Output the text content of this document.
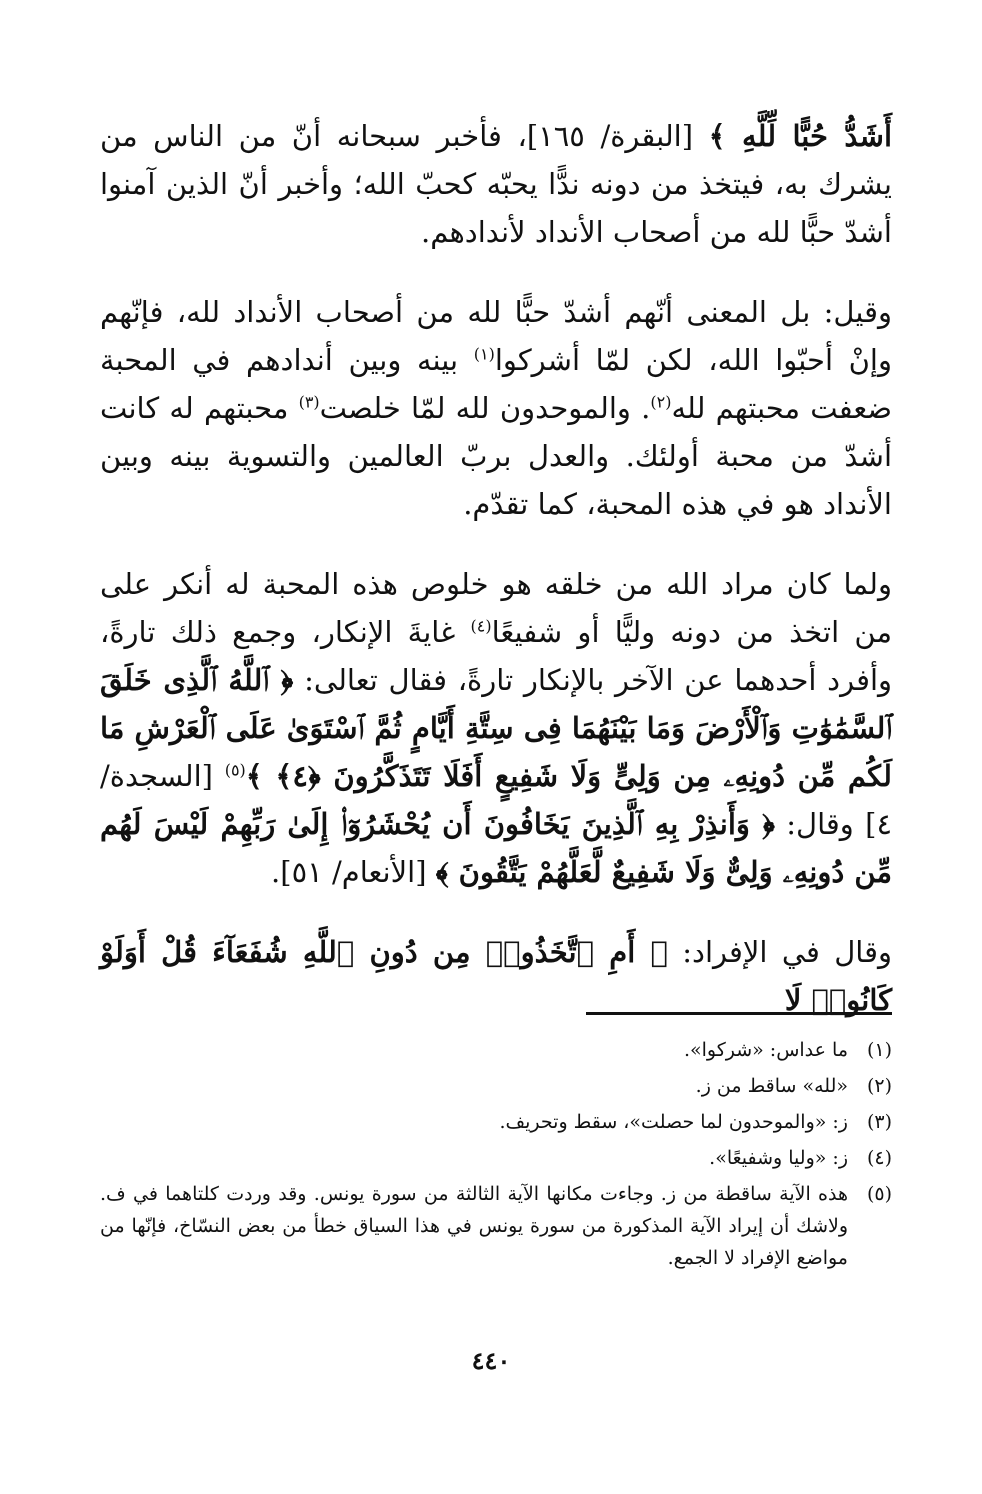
أَشَدُّ حُبًّا لِّلَّهِ ﴾ [البقرة/ ١٦٥]، فأخبر سبحانه أنّ من الناس من يشرك به، فيتخذ من دونه ندًّا يحبّه كحبّ الله؛ وأخبر أنّ الذين آمنوا أشدّ حبًّا لله من أصحاب الأنداد لأندادهم.

وقيل: بل المعنى أنّهم أشدّ حبًّا لله من أصحاب الأنداد لله، فإنّهم وإنْ أحبّوا الله، لكن لمّا أشركوا$^{(١)}$ بينه وبين أندادهم في المحبة ضعفت محبتهم لله$^{(٢)}$. والموحدون لله لمّا خلصت$^{(٣)}$ محبتهم له كانت أشدّ من محبة أولئك. والعدل بربّ العالمين والتسوية بينه وبين الأنداد هو في هذه المحبة، كما تقدّم.

ولما كان مراد الله من خلقه هو خلوص هذه المحبة له أنكر على من اتخذ من دونه وليًّا أو شفيعًا$^{(٤)}$ غايةَ الإنكار، وجمع ذلك تارةً، وأفرد أحدهما عن الآخر بالإنكار تارةً، فقال تعالى: ﴿ ٱللَّهُ ٱلَّذِى خَلَقَ ٱلسَّمَٰوَٰتِ وَٱلْأَرْضَ وَمَا بَيْنَهُمَا فِى سِتَّةِ أَيَّامٍ ثُمَّ ٱسْتَوَىٰ عَلَى ٱلْعَرْشِ مَا لَكُم مِّن دُونِهِۦ مِن وَلِىٍّ وَلَا شَفِيعٍ أَفَلَا تَتَذَكَّرُونَ ﴿٤﴾ ﴾$^{(٥)}$ [السجدة/ ٤] وقال: ﴿ وَأَنذِرْ بِهِ ٱلَّذِينَ يَخَافُونَ أَن يُحْشَرُوٓا۟ إِلَىٰ رَبِّهِمْ لَيْسَ لَهُم مِّن دُونِهِۦ وَلِىٌّ وَلَا شَفِيعٌ لَّعَلَّهُمْ يَتَّقُونَ ﴾ [الأنعام/ ٥١].

وقال في الإفراد: ﴿ أَمِ ٱتَّخَذُوا۟ مِن دُونِ ٱللَّهِ شُفَعَآءَ قُلْ أَوَلَوْ كَانُوا۟ لَا

(١)
ما عداس: «شركوا».
(٢)
«لله» ساقط من ز.
(٣)
ز: «والموحدون لما حصلت»، سقط وتحريف.
(٤)
ز: «وليا وشفيعًا».
(٥)
هذه الآية ساقطة من ز. وجاءت مكانها الآية الثالثة من سورة يونس. وقد وردت كلتاهما في ف. ولاشك أن إيراد الآية المذكورة من سورة يونس في هذا السياق خطأ من بعض النسّاخ، فإنّها من مواضع الإفراد لا الجمع.
٤٤٠
